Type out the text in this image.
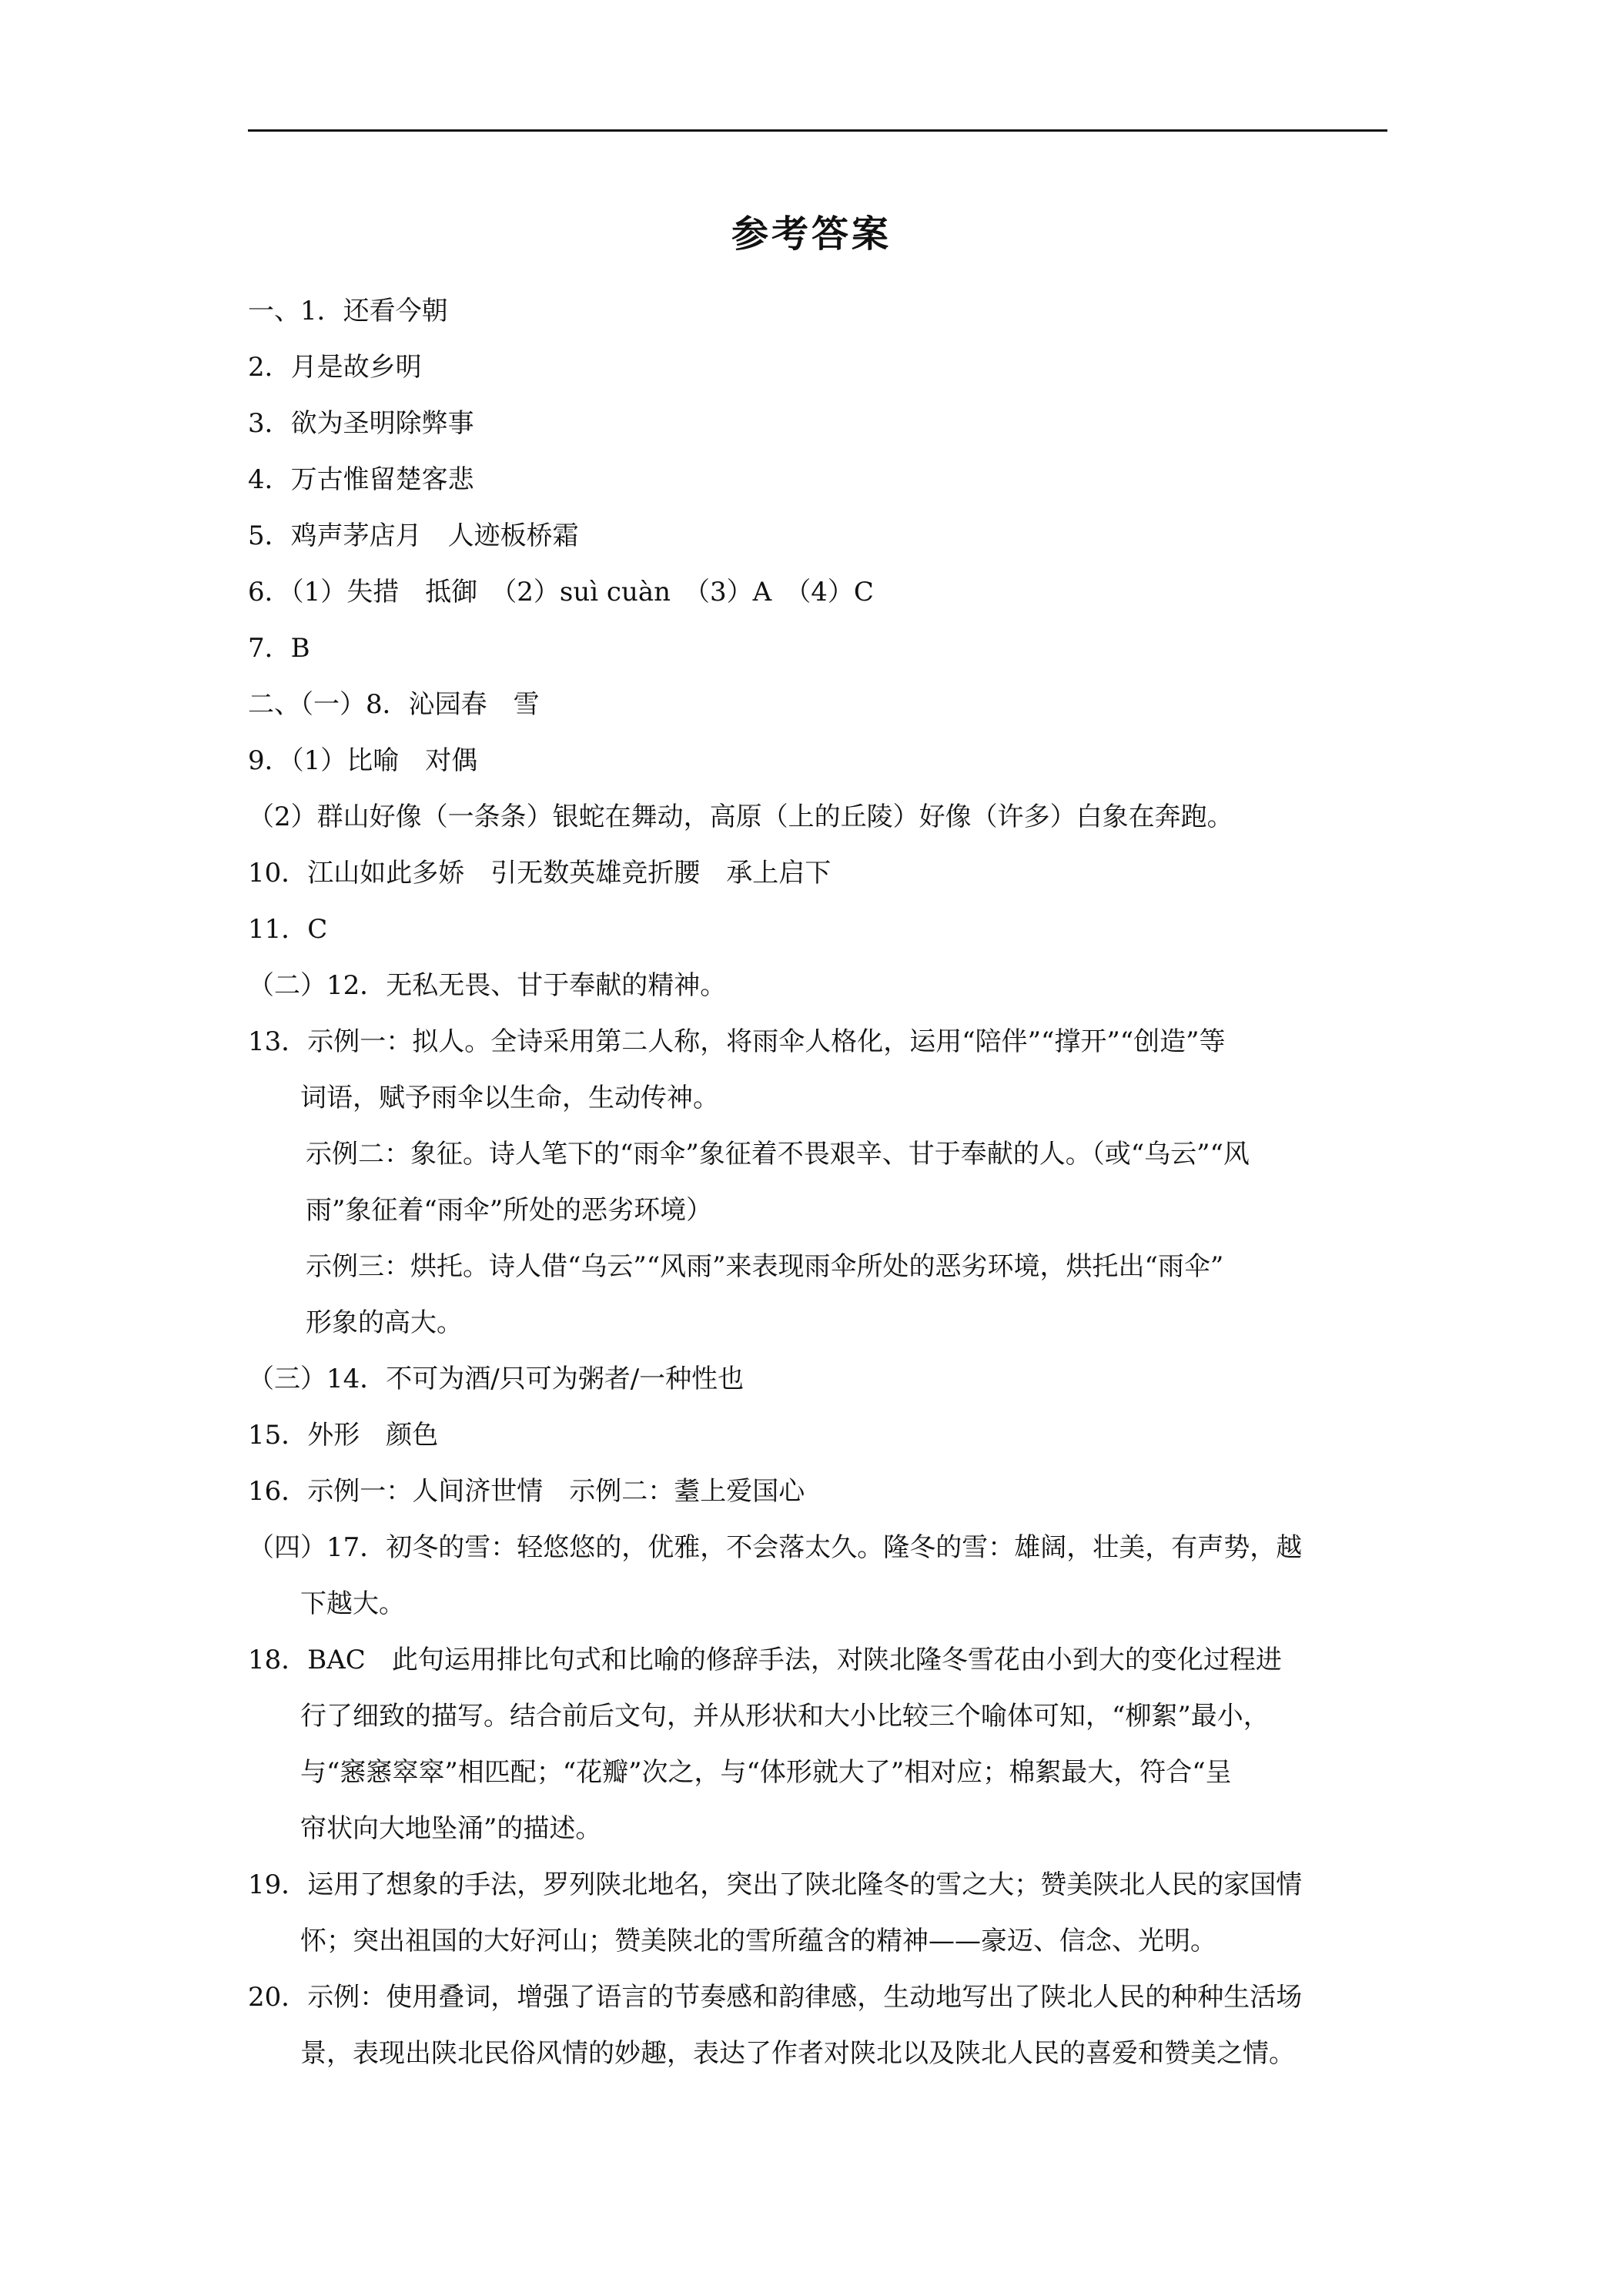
参考答案
一、1．还看今朝
2．月是故乡明
3．欲为圣明除弊事
4．万古惟留楚客悲
5．鸡声茅店月　人迹板桥霜
6．（1）失措　抵御　（2）suì cuàn　（3）A　（4）C
7．B
二、（一）8．沁园春　雪
9．（1）比喻　对偶
（2）群山好像（一条条）银蛇在舞动，高原（上的丘陵）好像（许多）白象在奔跑。
10．江山如此多娇　引无数英雄竞折腰　承上启下
11．C
（二）12．无私无畏、甘于奉献的精神。
13．示例一：拟人。全诗采用第二人称，将雨伞人格化，运用“陪伴”“撑开”“创造”等
词语，赋予雨伞以生命，生动传神。
示例二：象征。诗人笔下的“雨伞”象征着不畏艰辛、甘于奉献的人。（或“乌云”“风
雨”象征着“雨伞”所处的恶劣环境）
示例三：烘托。诗人借“乌云”“风雨”来表现雨伞所处的恶劣环境，烘托出“雨伞”
形象的高大。
（三）14．不可为酒/只可为粥者/一种性也
15．外形　颜色
16．示例一：人间济世情　示例二：耋上爱国心
（四）17．初冬的雪：轻悠悠的，优雅，不会落太久。隆冬的雪：雄阔，壮美，有声势，越
下越大。
18．BAC　此句运用排比句式和比喻的修辞手法，对陕北隆冬雪花由小到大的变化过程进
行了细致的描写。结合前后文句，并从形状和大小比较三个喻体可知，“柳絮”最小，
与“窸窸窣窣”相匹配；“花瓣”次之，与“体形就大了”相对应；棉絮最大，符合“呈
帘状向大地坠涌”的描述。
19．运用了想象的手法，罗列陕北地名，突出了陕北隆冬的雪之大；赞美陕北人民的家国情
怀；突出祖国的大好河山；赞美陕北的雪所蕴含的精神——豪迈、信念、光明。
20．示例：使用叠词，增强了语言的节奏感和韵律感，生动地写出了陕北人民的种种生活场
景，表现出陕北民俗风情的妙趣，表达了作者对陕北以及陕北人民的喜爱和赞美之情。
